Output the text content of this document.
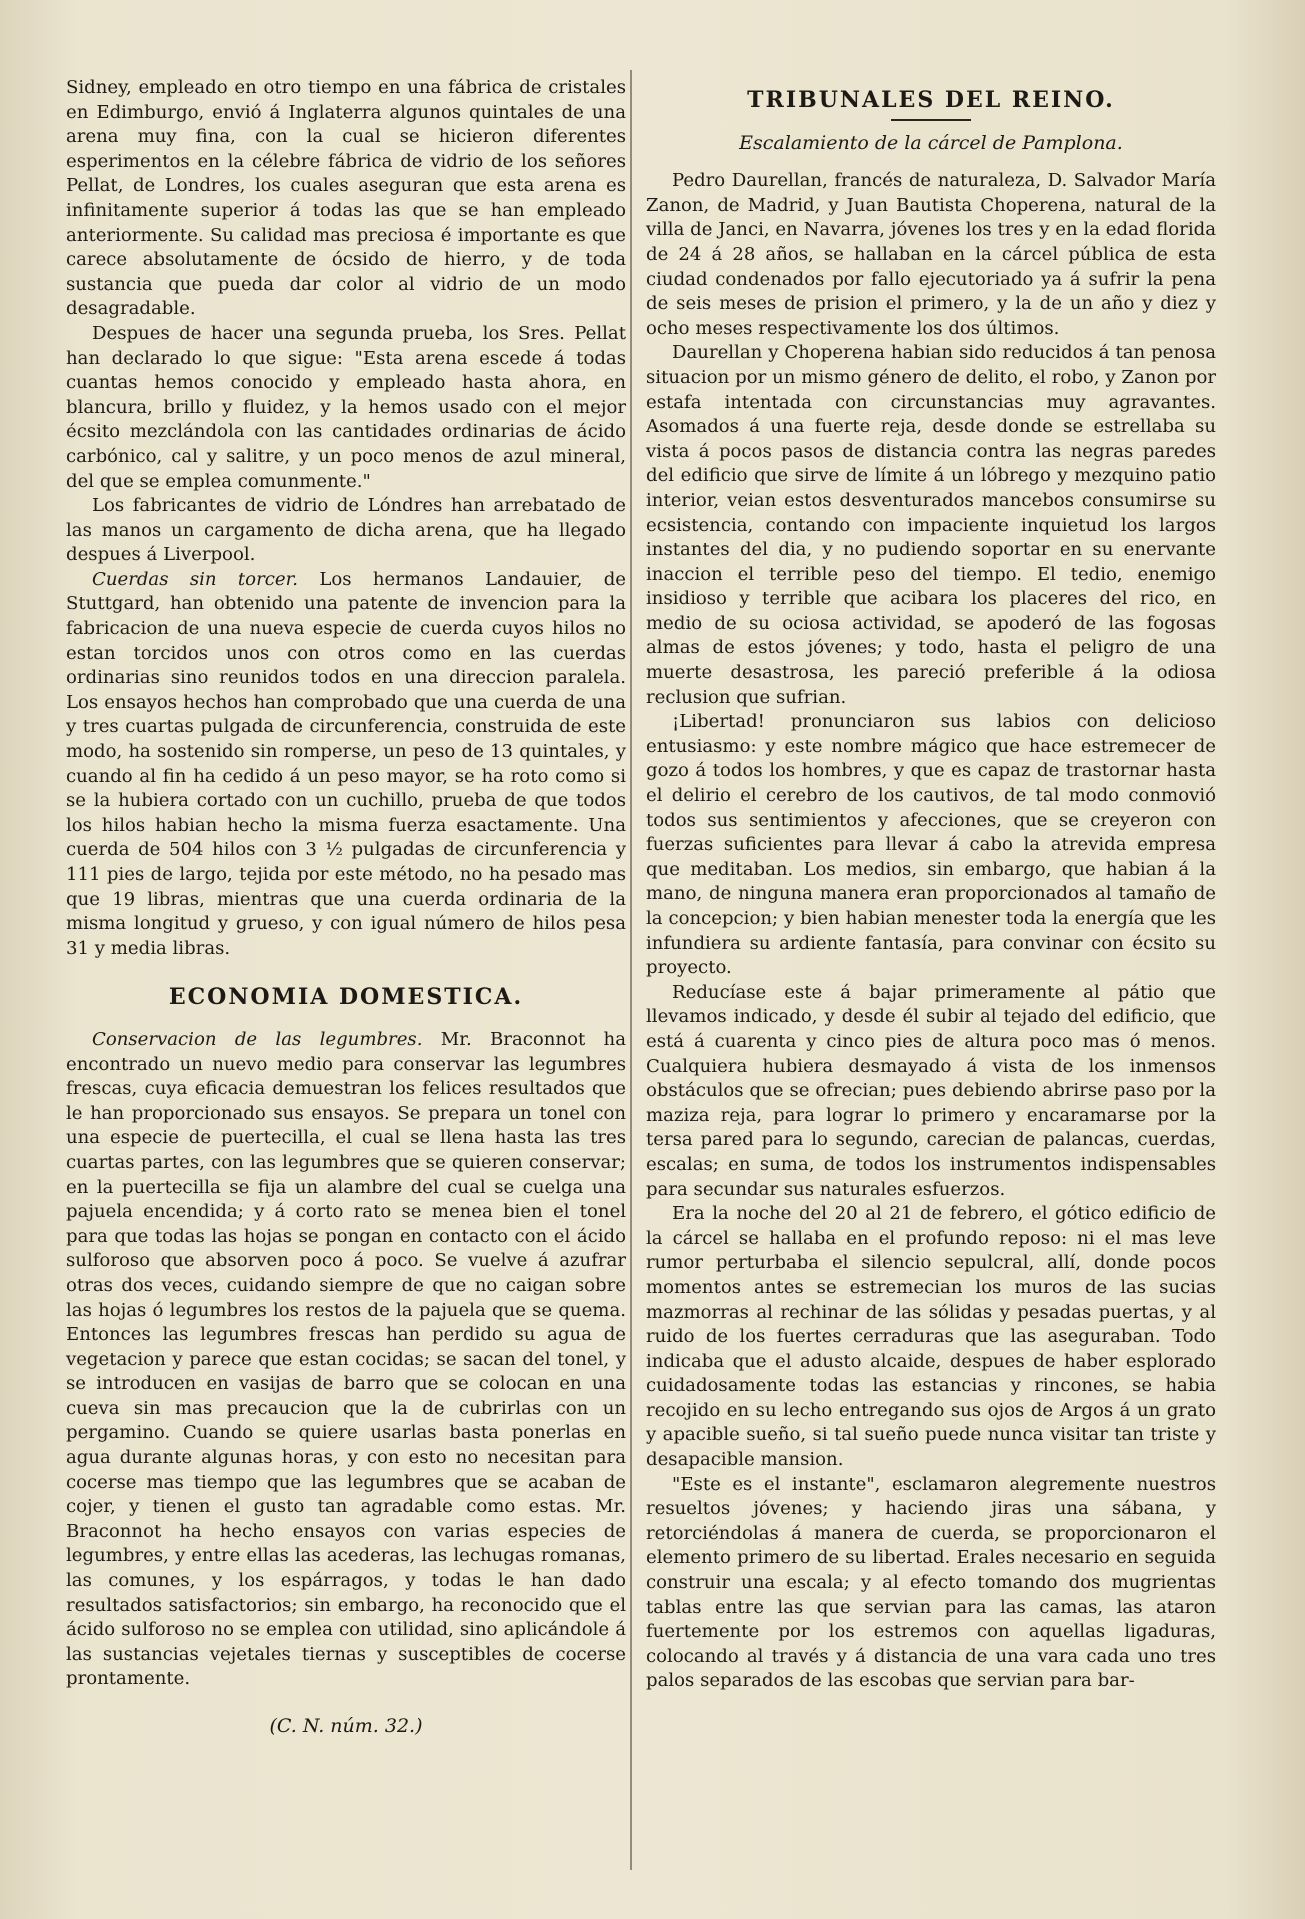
Sidney, empleado en otro tiempo en una fábrica de cristales en Edimburgo, envió á Inglaterra algunos quintales de una arena muy fina, con la cual se hicieron diferentes esperimentos en la célebre fábrica de vidrio de los señores Pellat, de Londres, los cuales aseguran que esta arena es infinitamente superior á todas las que se han empleado anteriormente. Su calidad mas preciosa é importante es que carece absolutamente de ócsido de hierro, y de toda sustancia que pueda dar color al vidrio de un modo desagradable.

Despues de hacer una segunda prueba, los Sres. Pellat han declarado lo que sigue: "Esta arena escede á todas cuantas hemos conocido y empleado hasta ahora, en blancura, brillo y fluidez, y la hemos usado con el mejor écsito mezclándola con las cantidades ordinarias de ácido carbónico, cal y salitre, y un poco menos de azul mineral, del que se emplea comunmente."

Los fabricantes de vidrio de Lóndres han arrebatado de las manos un cargamento de dicha arena, que ha llegado despues á Liverpool.

Cuerdas sin torcer. Los hermanos Landauier, de Stuttgard, han obtenido una patente de invencion para la fabricacion de una nueva especie de cuerda cuyos hilos no estan torcidos unos con otros como en las cuerdas ordinarias sino reunidos todos en una direccion paralela. Los ensayos hechos han comprobado que una cuerda de una y tres cuartas pulgada de circunferencia, construida de este modo, ha sostenido sin romperse, un peso de 13 quintales, y cuando al fin ha cedido á un peso mayor, se ha roto como si se la hubiera cortado con un cuchillo, prueba de que todos los hilos habian hecho la misma fuerza esactamente. Una cuerda de 504 hilos con 3 ½ pulgadas de circunferencia y 111 pies de largo, tejida por este método, no ha pesado mas que 19 libras, mientras que una cuerda ordinaria de la misma longitud y grueso, y con igual número de hilos pesa 31 y media libras.

ECONOMIA DOMESTICA.

Conservacion de las legumbres. Mr. Braconnot ha encontrado un nuevo medio para conservar las legumbres frescas, cuya eficacia demuestran los felices resultados que le han proporcionado sus ensayos. Se prepara un tonel con una especie de puertecilla, el cual se llena hasta las tres cuartas partes, con las legumbres que se quieren conservar; en la puertecilla se fija un alambre del cual se cuelga una pajuela encendida; y á corto rato se menea bien el tonel para que todas las hojas se pongan en contacto con el ácido sulforoso que absorven poco á poco. Se vuelve á azufrar otras dos veces, cuidando siempre de que no caigan sobre las hojas ó legumbres los restos de la pajuela que se quema. Entonces las legumbres frescas han perdido su agua de vegetacion y parece que estan cocidas; se sacan del tonel, y se introducen en vasijas de barro que se colocan en una cueva sin mas precaucion que la de cubrirlas con un pergamino. Cuando se quiere usarlas basta ponerlas en agua durante algunas horas, y con esto no necesitan para cocerse mas tiempo que las legumbres que se acaban de cojer, y tienen el gusto tan agradable como estas. Mr. Braconnot ha hecho ensayos con varias especies de legumbres, y entre ellas las acederas, las lechugas romanas, las comunes, y los espárragos, y todas le han dado resultados satisfactorios; sin embargo, ha reconocido que el ácido sulforoso no se emplea con utilidad, sino aplicándole á las sustancias vejetales tiernas y susceptibles de cocerse prontamente.

(C. N. núm. 32.)
TRIBUNALES DEL REINO.
Escalamiento de la cárcel de Pamplona.

Pedro Daurellan, francés de naturaleza, D. Salvador María Zanon, de Madrid, y Juan Bautista Choperena, natural de la villa de Janci, en Navarra, jóvenes los tres y en la edad florida de 24 á 28 años, se hallaban en la cárcel pública de esta ciudad condenados por fallo ejecutoriado ya á sufrir la pena de seis meses de prision el primero, y la de un año y diez y ocho meses respectivamente los dos últimos.

Daurellan y Choperena habian sido reducidos á tan penosa situacion por un mismo género de delito, el robo, y Zanon por estafa intentada con circunstancias muy agravantes. Asomados á una fuerte reja, desde donde se estrellaba su vista á pocos pasos de distancia contra las negras paredes del edificio que sirve de límite á un lóbrego y mezquino patio interior, veian estos desventurados mancebos consumirse su ecsistencia, contando con impaciente inquietud los largos instantes del dia, y no pudiendo soportar en su enervante inaccion el terrible peso del tiempo. El tedio, enemigo insidioso y terrible que acibara los placeres del rico, en medio de su ociosa actividad, se apoderó de las fogosas almas de estos jóvenes; y todo, hasta el peligro de una muerte desastrosa, les pareció preferible á la odiosa reclusion que sufrian.

¡Libertad! pronunciaron sus labios con delicioso entusiasmo: y este nombre mágico que hace estremecer de gozo á todos los hombres, y que es capaz de trastornar hasta el delirio el cerebro de los cautivos, de tal modo conmovió todos sus sentimientos y afecciones, que se creyeron con fuerzas suficientes para llevar á cabo la atrevida empresa que meditaban. Los medios, sin embargo, que habian á la mano, de ninguna manera eran proporcionados al tamaño de la concepcion; y bien habian menester toda la energía que les infundiera su ardiente fantasía, para convinar con écsito su proyecto.

Reducíase este á bajar primeramente al pátio que llevamos indicado, y desde él subir al tejado del edificio, que está á cuarenta y cinco pies de altura poco mas ó menos. Cualquiera hubiera desmayado á vista de los inmensos obstáculos que se ofrecian; pues debiendo abrirse paso por la maziza reja, para lograr lo primero y encaramarse por la tersa pared para lo segundo, carecian de palancas, cuerdas, escalas; en suma, de todos los instrumentos indispensables para secundar sus naturales esfuerzos.

Era la noche del 20 al 21 de febrero, el gótico edificio de la cárcel se hallaba en el profundo reposo: ni el mas leve rumor perturbaba el silencio sepulcral, allí, donde pocos momentos antes se estremecian los muros de las sucias mazmorras al rechinar de las sólidas y pesadas puertas, y al ruido de los fuertes cerraduras que las aseguraban. Todo indicaba que el adusto alcaide, despues de haber esplorado cuidadosamente todas las estancias y rincones, se habia recojido en su lecho entregando sus ojos de Argos á un grato y apacible sueño, si tal sueño puede nunca visitar tan triste y desapacible mansion.

"Este es el instante", esclamaron alegremente nuestros resueltos jóvenes; y haciendo jiras una sábana, y retorciéndolas á manera de cuerda, se proporcionaron el elemento primero de su libertad. Erales necesario en seguida construir una escala; y al efecto tomando dos mugrientas tablas entre las que servian para las camas, las ataron fuertemente por los estremos con aquellas ligaduras, colocando al través y á distancia de una vara cada uno tres palos separados de las escobas que servian para bar-
